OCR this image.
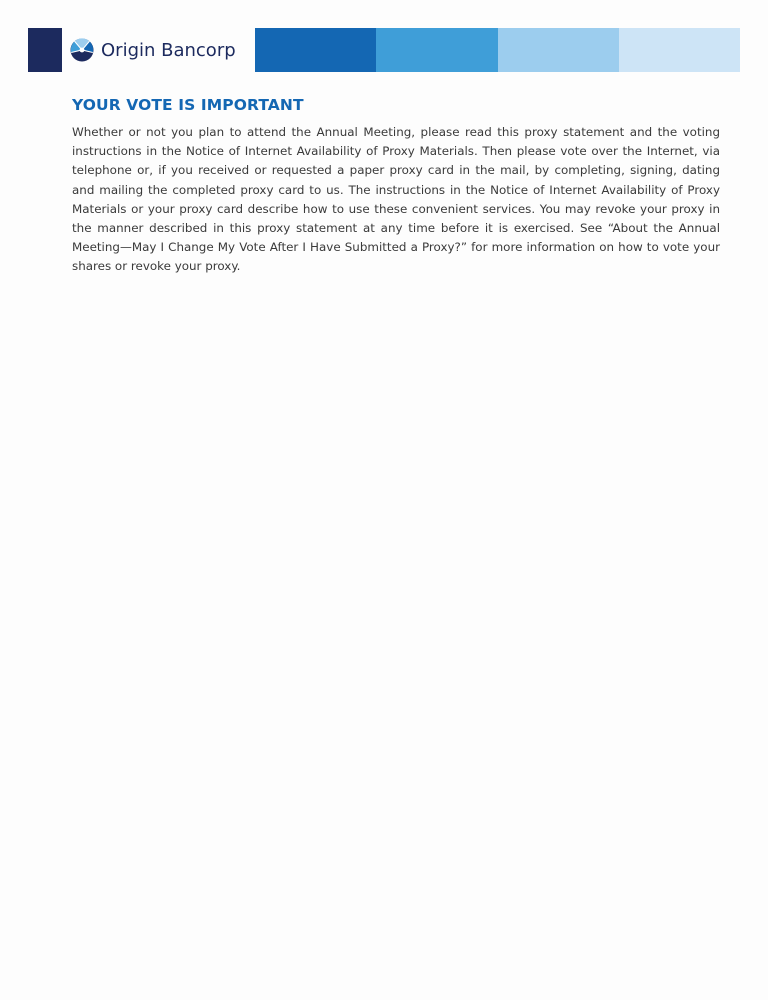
Origin Bancorp
YOUR VOTE IS IMPORTANT

Whether or not you plan to attend the Annual Meeting, please read this proxy statement and the voting instructions in the Notice of Internet Availability of Proxy Materials. Then please vote over the Internet, via telephone or, if you received or requested a paper proxy card in the mail, by completing, signing, dating and mailing the completed proxy card to us. The instructions in the Notice of Internet Availability of Proxy Materials or your proxy card describe how to use these convenient services. You may revoke your proxy in the manner described in this proxy statement at any time before it is exercised. See “About the Annual Meeting—May I Change My Vote After I Have Submitted a Proxy?” for more information on how to vote your shares or revoke your proxy.
